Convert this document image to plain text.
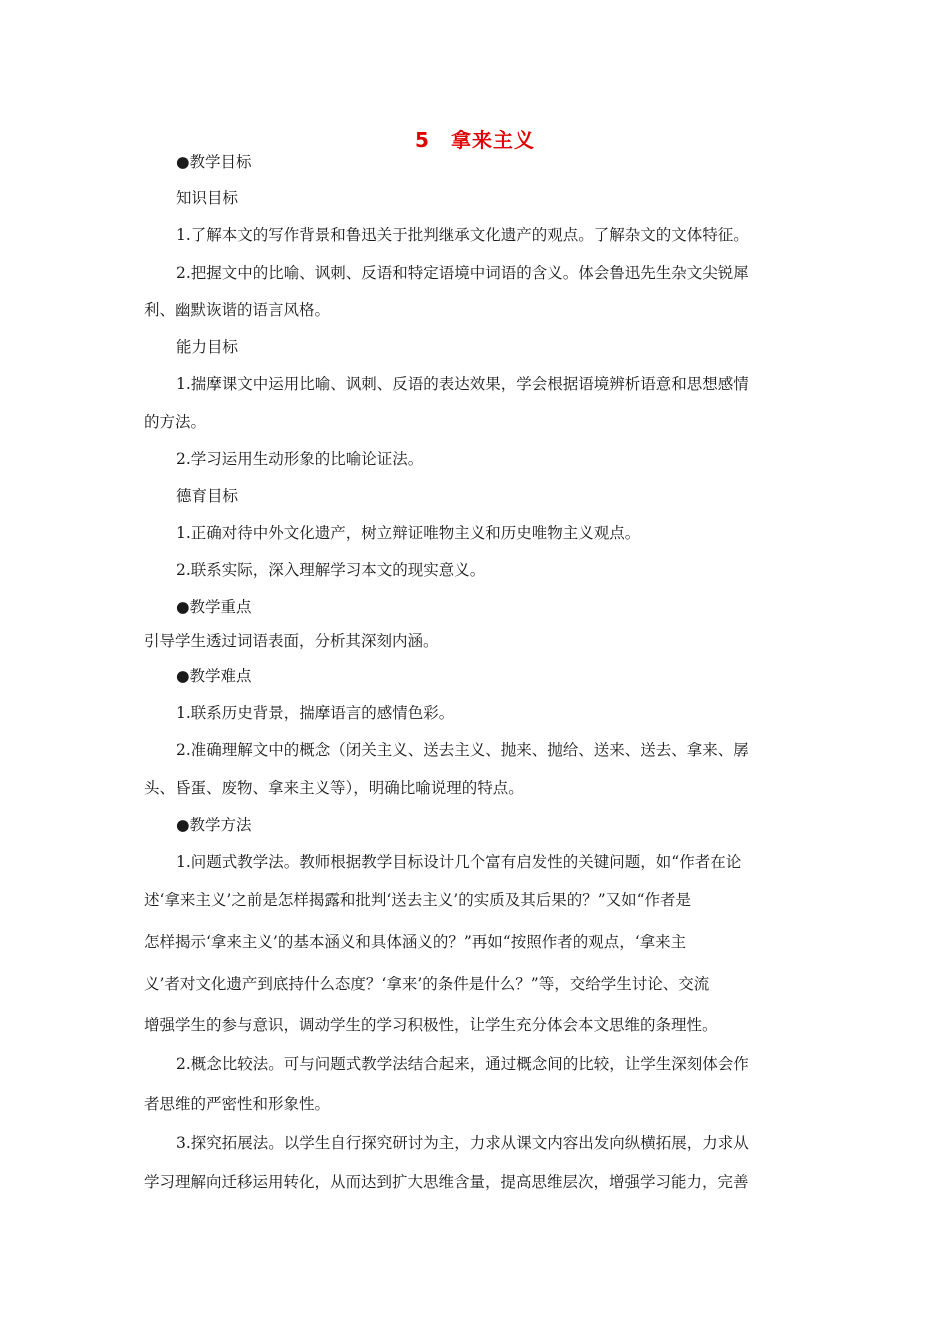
5　拿来主义
●教学目标
知识目标
1.了解本文的写作背景和鲁迅关于批判继承文化遗产的观点。了解杂文的文体特征。
2.把握文中的比喻、讽刺、反语和特定语境中词语的含义。体会鲁迅先生杂文尖锐犀
利、幽默诙谐的语言风格。
能力目标
1.揣摩课文中运用比喻、讽刺、反语的表达效果，学会根据语境辨析语意和思想感情
的方法。
2.学习运用生动形象的比喻论证法。
德育目标
1.正确对待中外文化遗产，树立辩证唯物主义和历史唯物主义观点。
2.联系实际，深入理解学习本文的现实意义。
●教学重点
引导学生透过词语表面，分析其深刻内涵。
●教学难点
1.联系历史背景，揣摩语言的感情色彩。
2.准确理解文中的概念（闭关主义、送去主义、抛来、抛给、送来、送去、拿来、孱
头、昏蛋、废物、拿来主义等），明确比喻说理的特点。
●教学方法
1.问题式教学法。教师根据教学目标设计几个富有启发性的关键问题，如“作者在论
述‘拿来主义’之前是怎样揭露和批判‘送去主义’的实质及其后果的？”又如“作者是
怎样揭示‘拿来主义’的基本涵义和具体涵义的？”再如“按照作者的观点，‘拿来主
义’者对文化遗产到底持什么态度？‘拿来’的条件是什么？”等，交给学生讨论、交流
增强学生的参与意识，调动学生的学习积极性，让学生充分体会本文思维的条理性。
2.概念比较法。可与问题式教学法结合起来，通过概念间的比较，让学生深刻体会作
者思维的严密性和形象性。
3.探究拓展法。以学生自行探究研讨为主，力求从课文内容出发向纵横拓展，力求从
学习理解向迁移运用转化，从而达到扩大思维含量，提高思维层次，增强学习能力，完善
